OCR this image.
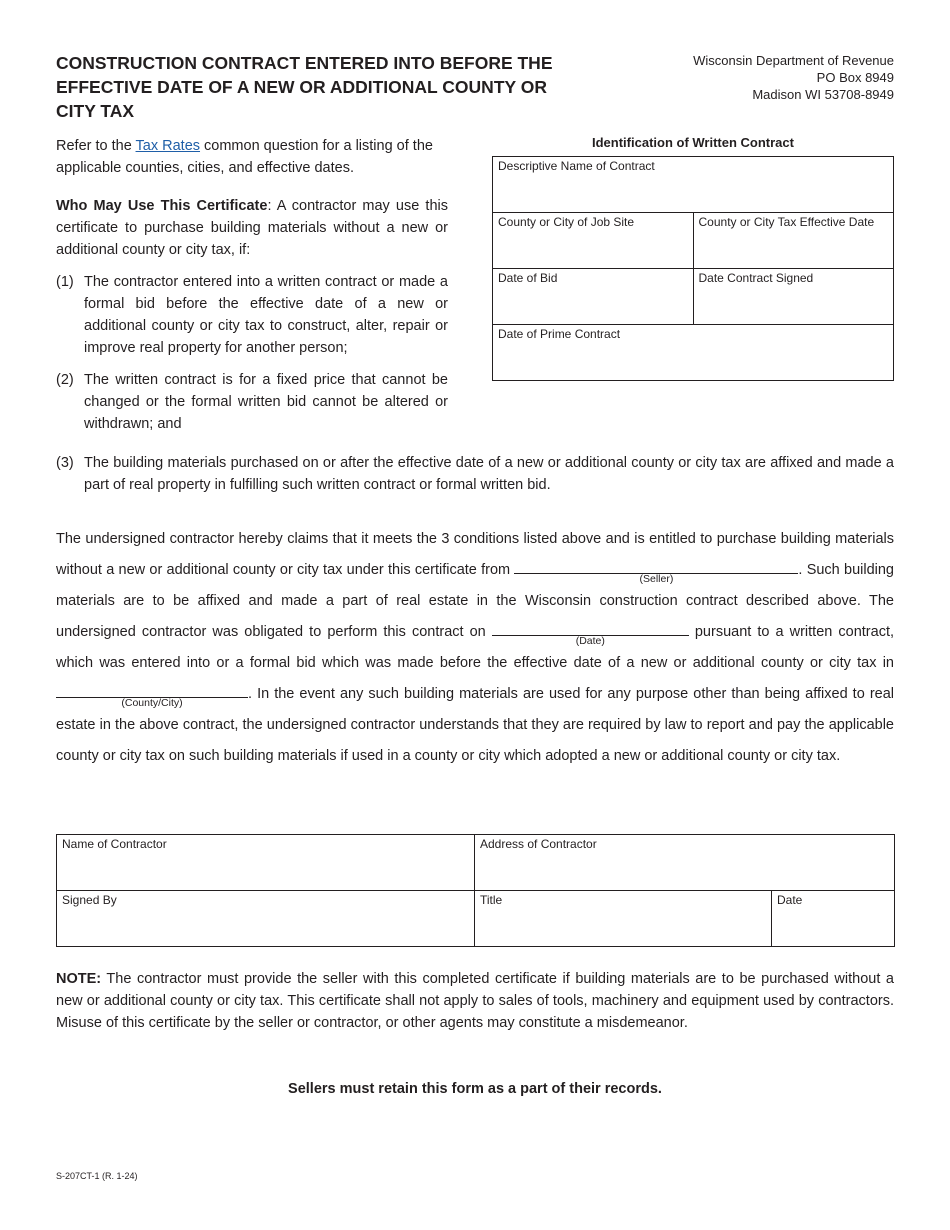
CONSTRUCTION CONTRACT ENTERED INTO BEFORE THE
EFFECTIVE DATE OF A NEW OR ADDITIONAL COUNTY OR
CITY TAX
Wisconsin Department of Revenue
PO Box 8949
Madison WI 53708-8949
Refer to the Tax Rates common question for a listing of the applicable counties, cities, and effective dates.
Who May Use This Certificate: A contractor may use this certificate to purchase building materials without a new or additional county or city tax, if:
(1) The contractor entered into a written contract or made a formal bid before the effective date of a new or additional county or city tax to construct, alter, repair or improve real property for another person;
(2) The written contract is for a fixed price that cannot be changed or the formal written bid cannot be altered or withdrawn; and
(3) The building materials purchased on or after the effective date of a new or additional county or city tax are affixed and made a part of real property in fulfilling such written contract or formal written bid.
Identification of Written Contract
Descriptive Name of Contract	
County or City of Job Site	County or City Tax Effective Date
Date of Bid	Date Contract Signed
Date of Prime Contract	
The undersigned contractor hereby claims that it meets the 3 conditions listed above and is entitled to purchase building materials without a new or additional county or city tax under this certificate from
(Seller)
. Such building materials are to be affixed and made a part of real estate in the Wisconsin construction contract described above. The undersigned contractor was obligated to perform this contract on
(Date)
pursuant to a written contract, which was entered into or a formal bid which was made before the effective date of a new or additional county or city tax in
(County/City)
. In the event any such building materials are used for any purpose other than being affixed to real estate in the above contract, the undersigned contractor understands that they are required by law to report and pay the applicable county or city tax on such building materials if used in a county or city which adopted a new or additional county or city tax.
Name of Contractor	Address of Contractor	
Signed By	Title	Date
NOTE: The contractor must provide the seller with this completed certificate if building materials are to be purchased without a new or additional county or city tax. This certificate shall not apply to sales of tools, machinery and equipment used by contractors. Misuse of this certificate by the seller or contractor, or other agents may constitute a misdemeanor.
Sellers must retain this form as a part of their records.
S-207CT-1 (R. 1-24)
